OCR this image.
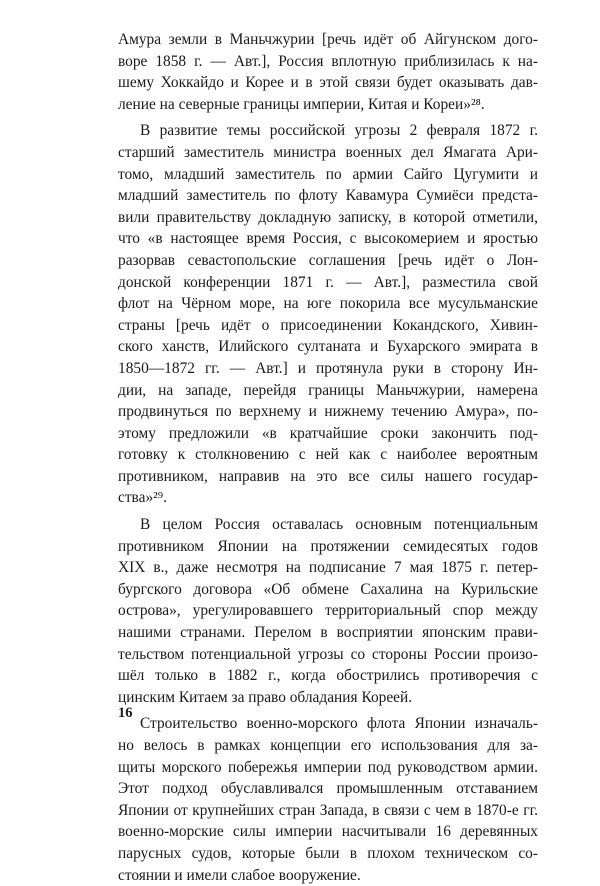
Амура земли в Маньчжурии [речь идёт об Айгунском дого-
воре 1858 г. — Авт.], Россия вплотную приблизилась к на-
шему Хоккайдо и Корее и в этой связи будет оказывать дав-
ление на северные границы империи, Китая и Кореи»²⁸.
В развитие темы российской угрозы 2 февраля 1872 г.
старший заместитель министра военных дел Ямагата Ари-
томо, младший заместитель по армии Сайго Цугумити и
младший заместитель по флоту Кавамура Сумиёси предста-
вили правительству докладную записку, в которой отметили,
что «в настоящее время Россия, с высокомерием и яростью
разорвав севастопольские соглашения [речь идёт о Лон-
донской конференции 1871 г. — Авт.], разместила свой
флот на Чёрном море, на юге покорила все мусульманские
страны [речь идёт о присоединении Кокандского, Хивин-
ского ханств, Илийского султаната и Бухарского эмирата в
1850—1872 гг. — Авт.] и протянула руки в сторону Ин-
дии, на западе, перейдя границы Маньчжурии, намерена
продвинуться по верхнему и нижнему течению Амура», по-
этому предложили «в кратчайшие сроки закончить под-
готовку к столкновению с ней как с наиболее вероятным
противником, направив на это все силы нашего государ-
ства»²⁹.
В целом Россия оставалась основным потенциальным
противником Японии на протяжении семидесятых годов
XIX в., даже несмотря на подписание 7 мая 1875 г. петер-
бургского договора «Об обмене Сахалина на Курильские
острова», урегулировавшего территориальный спор между
нашими странами. Перелом в восприятии японским прави-
тельством потенциальной угрозы со стороны России произо-
шёл только в 1882 г., когда обострились противоречия с
цинским Китаем за право обладания Кореей.
Строительство военно-морского флота Японии изначаль-
но велось в рамках концепции его использования для за-
щиты морского побережья империи под руководством армии.
Этот подход обуславливался промышленным отставанием
Японии от крупнейших стран Запада, в связи с чем в 1870-е гг.
военно-морские силы империи насчитывали 16 деревянных
парусных судов, которые были в плохом техническом со-
стоянии и имели слабое вооружение.
16
